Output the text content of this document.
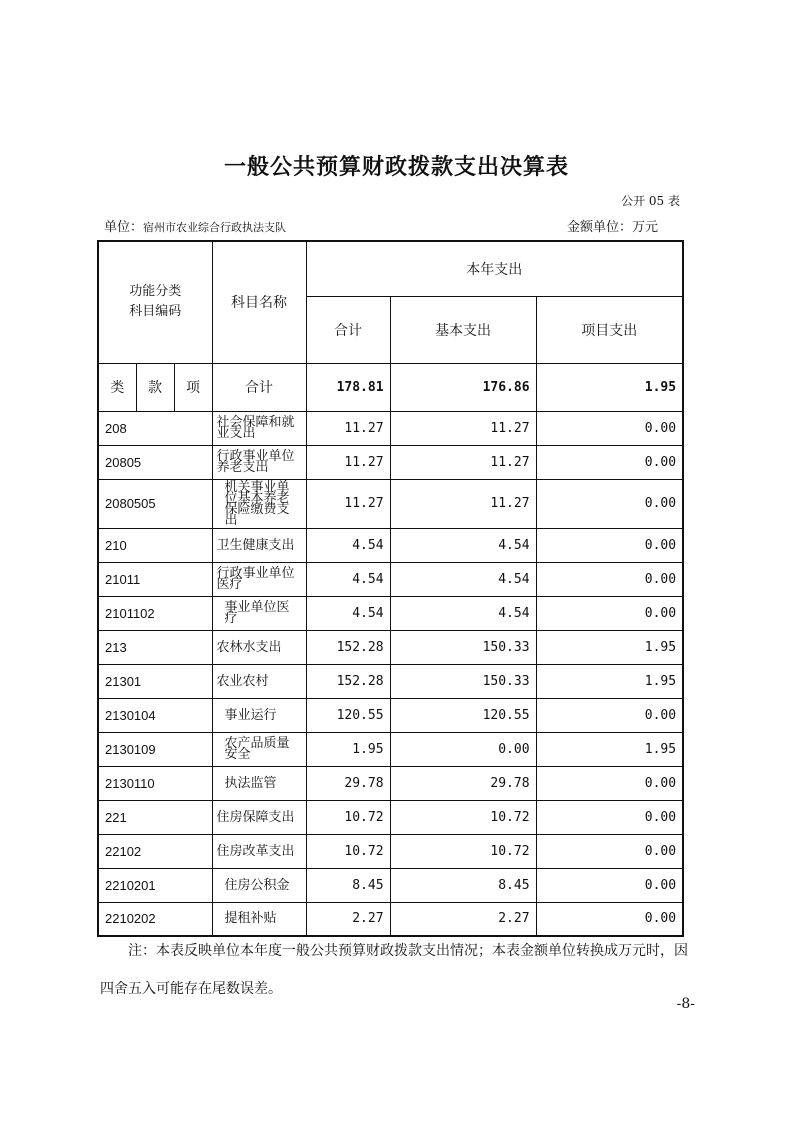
一般公共预算财政拨款支出决算表
公开 05 表
单位：宿州市农业综合行政执法支队	金额单位：万元
功能分类
科目编码			科目名称	本年支出		
				合计	基本支出	项目支出
类	款	项	合计	178.81	176.86	1.95
208			社会保障和就业支出	11.27	11.27	0.00
20805			行政事业单位养老支出	11.27	11.27	0.00
2080505			机关事业单位基本养老保险缴费支出	11.27	11.27	0.00
210			卫生健康支出	4.54	4.54	0.00
21011			行政事业单位医疗	4.54	4.54	0.00
2101102			事业单位医疗	4.54	4.54	0.00
213			农林水支出	152.28	150.33	1.95
21301			农业农村	152.28	150.33	1.95
2130104			事业运行	120.55	120.55	0.00
2130109			农产品质量安全	1.95	0.00	1.95
2130110			执法监管	29.78	29.78	0.00
221			住房保障支出	10.72	10.72	0.00
22102			住房改革支出	10.72	10.72	0.00
2210201			住房公积金	8.45	8.45	0.00
2210202			提租补贴	2.27	2.27	0.00
注：本表反映单位本年度一般公共预算财政拨款支出情况；本表金额单位转换成万元时，因四舍五入可能存在尾数误差。
-8-
